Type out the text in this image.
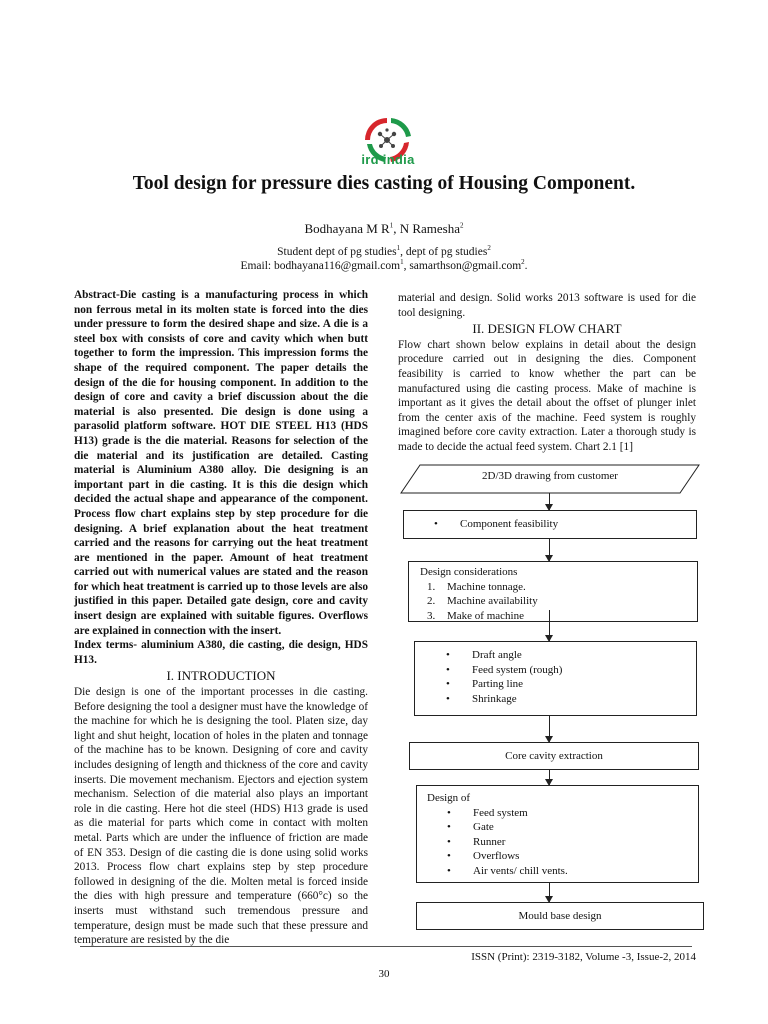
ird india
Tool design for pressure dies casting of Housing Component.
Bodhayana M $R^1$, N Ramesha$^2$
Student dept of pg studies$^1$, dept of pg studies$^2$
Email: bodhayana116@gmail.com$^1$, samarthson@gmail.com$^2$.

Abstract-Die casting is a manufacturing process in which non ferrous metal in its molten state is forced into the dies under pressure to form the desired shape and size. A die is a steel box with consists of core and cavity which when butt together to form the impression. This impression forms the shape of the required component. The paper details the design of the die for housing component. In addition to the design of core and cavity a brief discussion about the die material is also presented. Die design is done using a parasolid platform software. HOT DIE STEEL H13 (HDS H13) grade is the die material. Reasons for selection of the die material and its justification are detailed. Casting material is Aluminium A380 alloy. Die designing is an important part in die casting. It is this die design which decided the actual shape and appearance of the component. Process flow chart explains step by step procedure for die designing. A brief explanation about the heat treatment carried and the reasons for carrying out the heat treatment are mentioned in the paper. Amount of heat treatment carried out with numerical values are stated and the reason for which heat treatment is carried up to those levels are also justified in this paper. Detailed gate design, core and cavity insert design are explained with suitable figures. Overflows are explained in connection with the insert.

Index terms- aluminium A380, die casting, die design, HDS H13.

I. INTRODUCTION

Die design is one of the important processes in die casting. Before designing the tool a designer must have the knowledge of the machine for which he is designing the tool. Platen size, day light and shut height, location of holes in the platen and tonnage of the machine has to be known. Designing of core and cavity includes designing of length and thickness of the core and cavity inserts. Die movement mechanism. Ejectors and ejection system mechanism. Selection of die material also plays an important role in die casting. Here hot die steel (HDS) H13 grade is used as die material for parts which come in contact with molten metal. Parts which are under the influence of friction are made of EN 353. Design of die casting die is done using solid works 2013. Process flow chart explains step by step procedure followed in designing of the die. Molten metal is forced inside the dies with high pressure and temperature (660°c) so the inserts must withstand such tremendous pressure and temperature, design must be made such that these pressure and temperature are resisted by the die

material and design. Solid works 2013 software is used for die tool designing.

II. DESIGN FLOW CHART

Flow chart shown below explains in detail about the design procedure carried out in designing the dies. Component feasibility is carried to know whether the part can be manufactured using die casting process. Make of machine is important as it gives the detail about the offset of plunger inlet from the center axis of the machine. Feed system is roughly imagined before core cavity extraction. Later a thorough study is made to decide the actual feed system. Chart 2.1 [1]

2D/3D drawing from customer
• Component feasibility
Design considerations
1. Machine tonnage.
2. Machine availability
3. Make of machine
• Draft angle
• Feed system (rough)
• Parting line
• Shrinkage
Core cavity extraction
Design of
• Feed system
• Gate
• Runner
• Overflows
• Air vents/ chill vents.
Mould base design
ISSN (Print): 2319-3182, Volume -3, Issue-2, 2014
30
